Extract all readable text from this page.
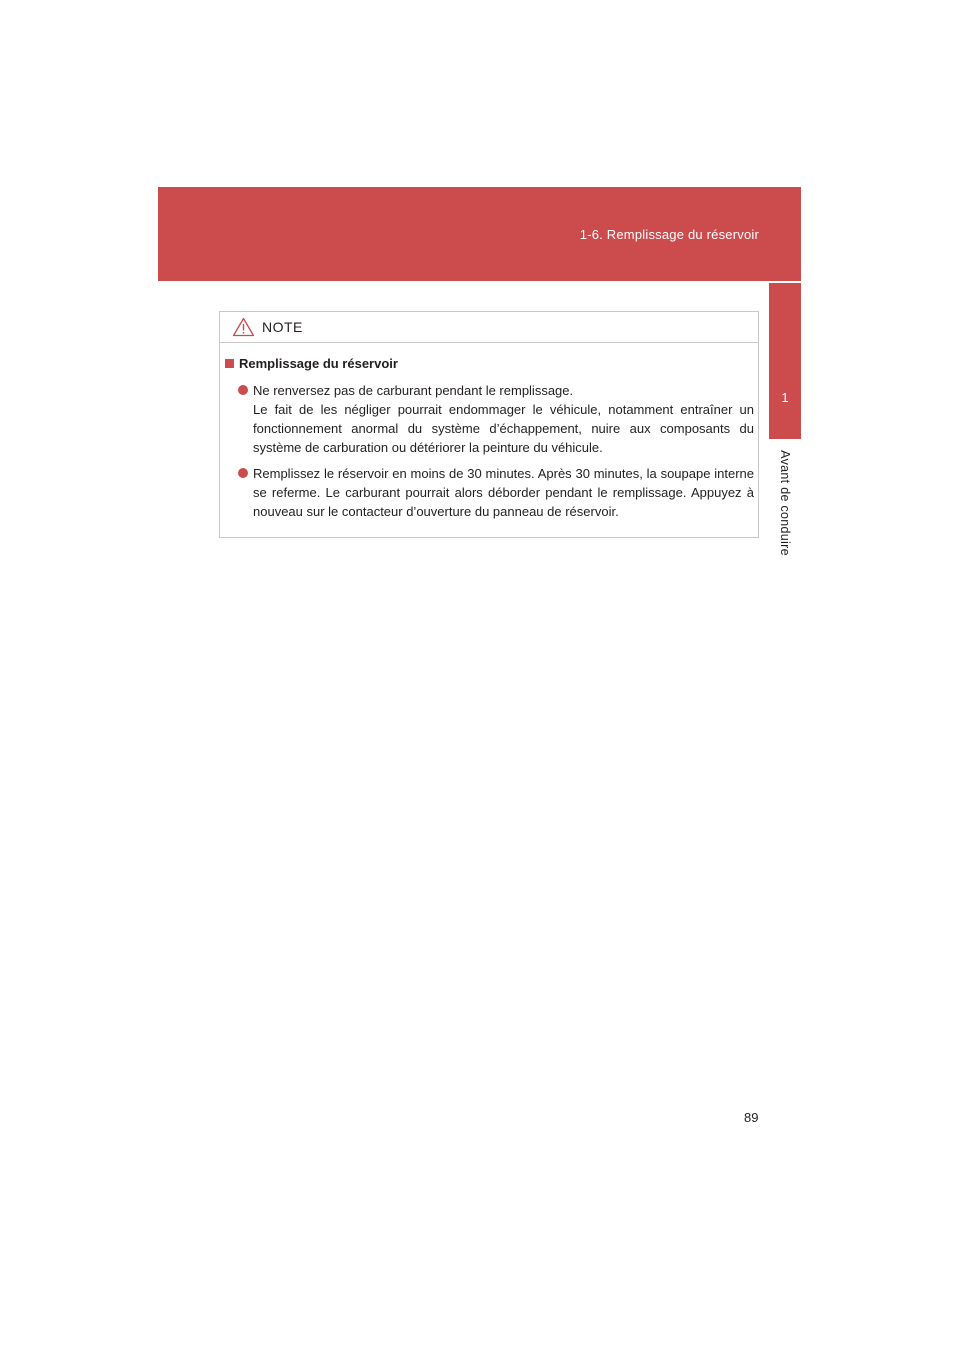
1-6. Remplissage du réservoir
1
Avant de conduire
NOTE
Remplissage du réservoir
Ne renversez pas de carburant pendant le remplissage.
Le fait de les négliger pourrait endommager le véhicule, notamment entraîner un fonctionnement anormal du système d’échappement, nuire aux composants du système de carburation ou détériorer la peinture du véhicule.
Remplissez le réservoir en moins de 30 minutes. Après 30 minutes, la soupape interne se referme. Le carburant pourrait alors déborder pendant le remplissage. Appuyez à nouveau sur le contacteur d’ouverture du panneau de réservoir.
89
